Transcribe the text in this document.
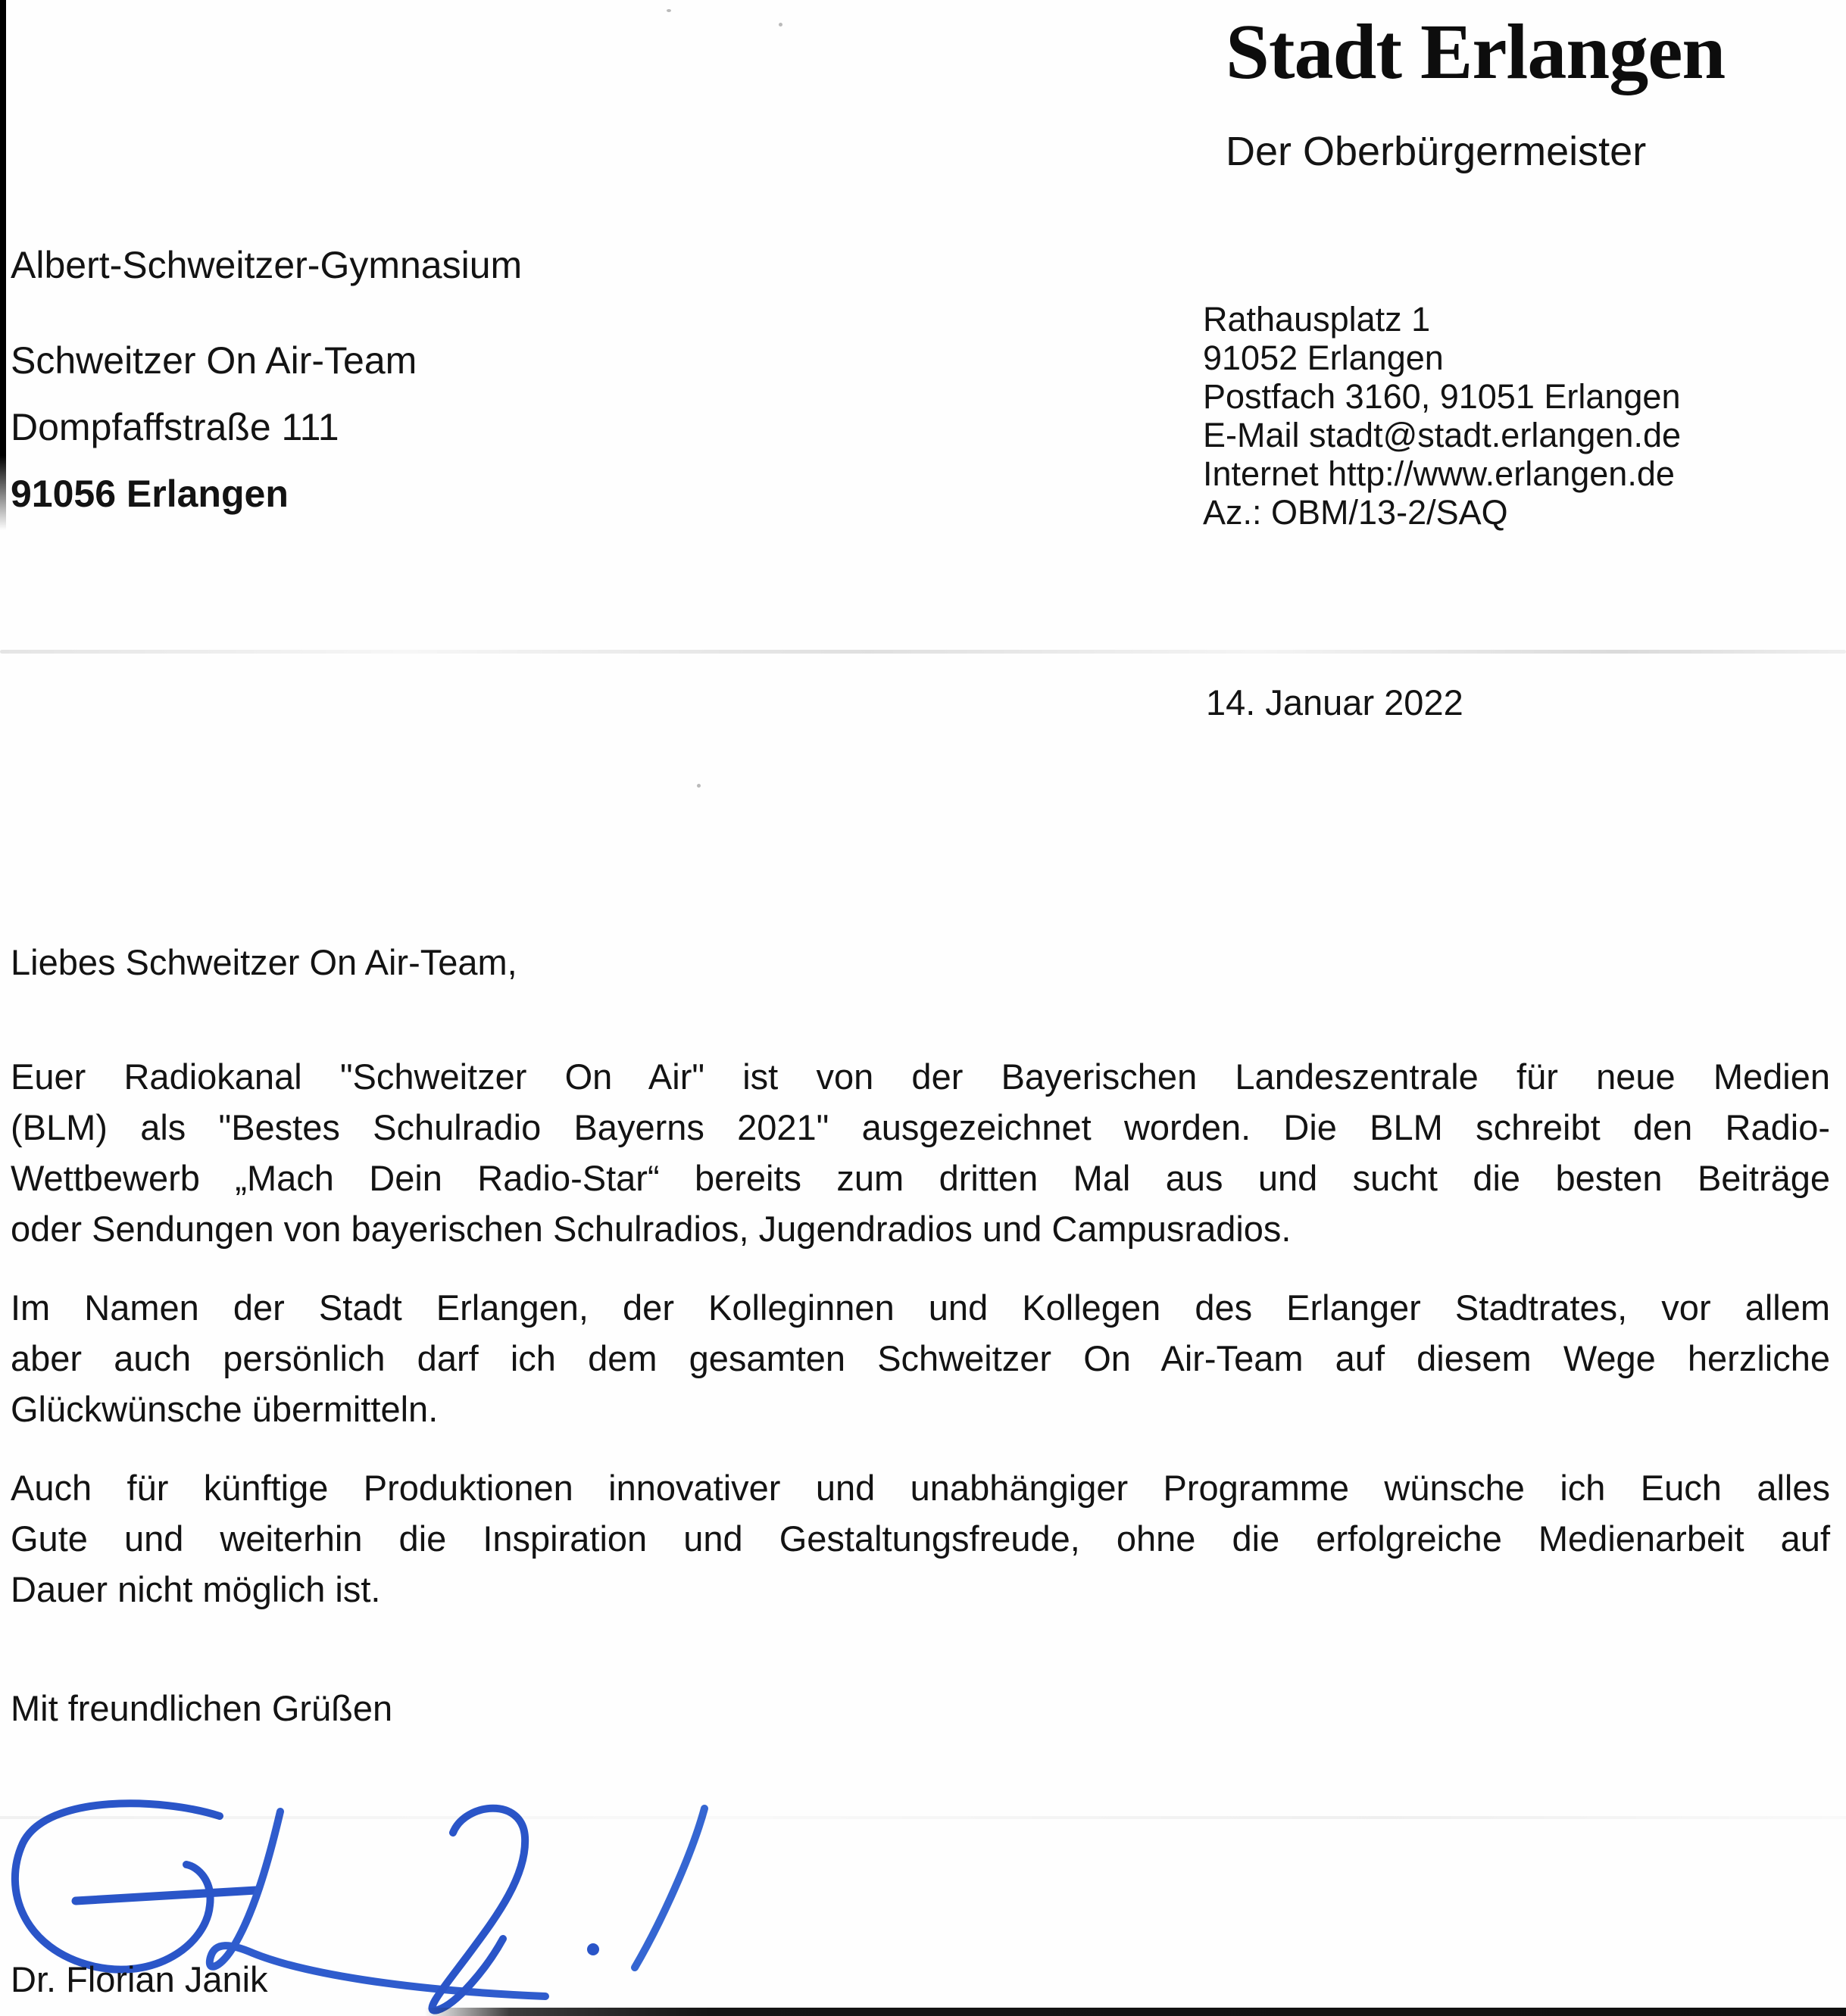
Stadt Erlangen
Der Oberbürgermeister
Albert-Schweitzer-Gymnasium
Schweitzer On Air-Team
Dompfaffstraße 111
91056 Erlangen
Rathausplatz 1
91052 Erlangen
Postfach 3160, 91051 Erlangen
E-Mail stadt@stadt.erlangen.de
Internet http://www.erlangen.de
Az.: OBM/13-2/SAQ
14. Januar 2022
Liebes Schweitzer On Air-Team,
Euer Radiokanal "Schweitzer On Air" ist von der Bayerischen Landeszentrale für neue Medien
(BLM) als "Bestes Schulradio Bayerns 2021" ausgezeichnet worden. Die BLM schreibt den Radio-
Wettbewerb „Mach Dein Radio-Star“ bereits zum dritten Mal aus und sucht die besten Beiträge
oder Sendungen von bayerischen Schulradios, Jugendradios und Campusradios.
Im Namen der Stadt Erlangen, der Kolleginnen und Kollegen des Erlanger Stadtrates, vor allem
aber auch persönlich darf ich dem gesamten Schweitzer On Air-Team auf diesem Wege herzliche
Glückwünsche übermitteln.
Auch für künftige Produktionen innovativer und unabhängiger Programme wünsche ich Euch alles
Gute und weiterhin die Inspiration und Gestaltungsfreude, ohne die erfolgreiche Medienarbeit auf
Dauer nicht möglich ist.
Mit freundlichen Grüßen
Dr. Florian Janik
